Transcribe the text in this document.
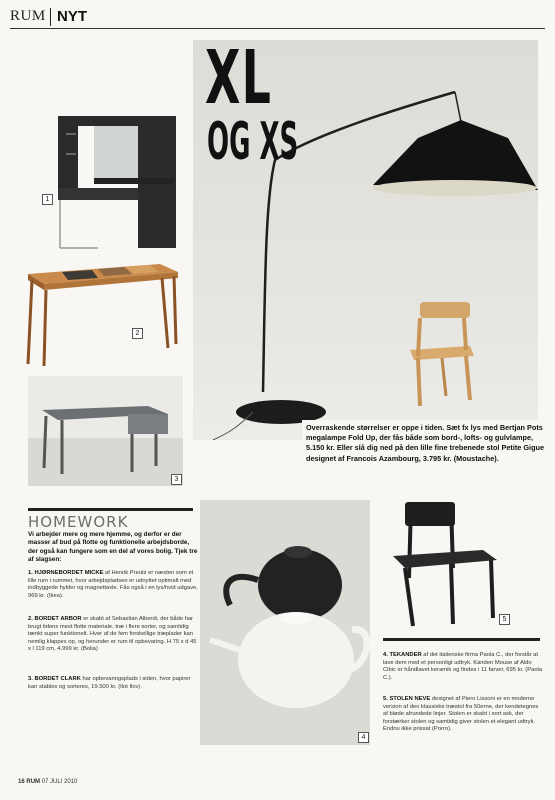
RUM NYT
1
2
3
XL
OG XS
Overraskende størrelser er oppe i tiden. Sæt fx lys med Bertjan Pots megalampe Fold Up, der fås både som bord-, lofts- og gulvlampe, 5.150 kr. Eller slå dig ned på den lille fine trebenede stol Petite Gigue designet af Francois Azambourg, 3.795 kr. (Moustache).
HOMEWORK
Vi arbejder mere og mere hjemme, og derfor er der masser af bud på flotte og funktionelle arbejdsborde, der også kan fungere som en del af vores bolig. Tjek tre af slagsen:
1. HJØRNEBORDET MICKE af Henrik Preutz er næsten som et lille rum i rummet, hvor arbejdspladsen er udnyttet optimalt med indbyggede hylder og magnettavle. Fås også i en lys/hvid udgave, 969 kr. (Ikea).
2. BORDET ARBOR er skabt af Sebastian Alberdi, der både har brugt tidens mest flotte materiale, træ i flere sorter, og samtidig tænkt super funktionelt. Hver af de fem forskellige træplader kan nemlig klappes op, og herunder er rum til opbevaring. H 75 x d 45 x l 119 cm, 4.999 kr. (Bolia)
3. BORDET CLARK har opbevaringsplads i siden, hvor papirer kan stables og sorteres, 19.500 kr. (Ilot Ilov).
4
5
4. TEKANDER af det italienske firma Paola C., der forstår at lave dem med et personligt udtryk. Kanden Mouse af Aldo Cibic er håndlavet keramik og findes i 11 farver, 695 kr. (Paola C.).
5. STOLEN NEVE designet af Piero Lissoni er en moderne version af den klassiske træstol fra 50erne, der kendetegnes af bløde afrundede linjer. Stolen er skabt i sort ask, der forstærker stolen og samtidig giver stolen et elegant udtryk. Endnu ikke prissat (Porro).
16 RUM 07 JULI 2010
